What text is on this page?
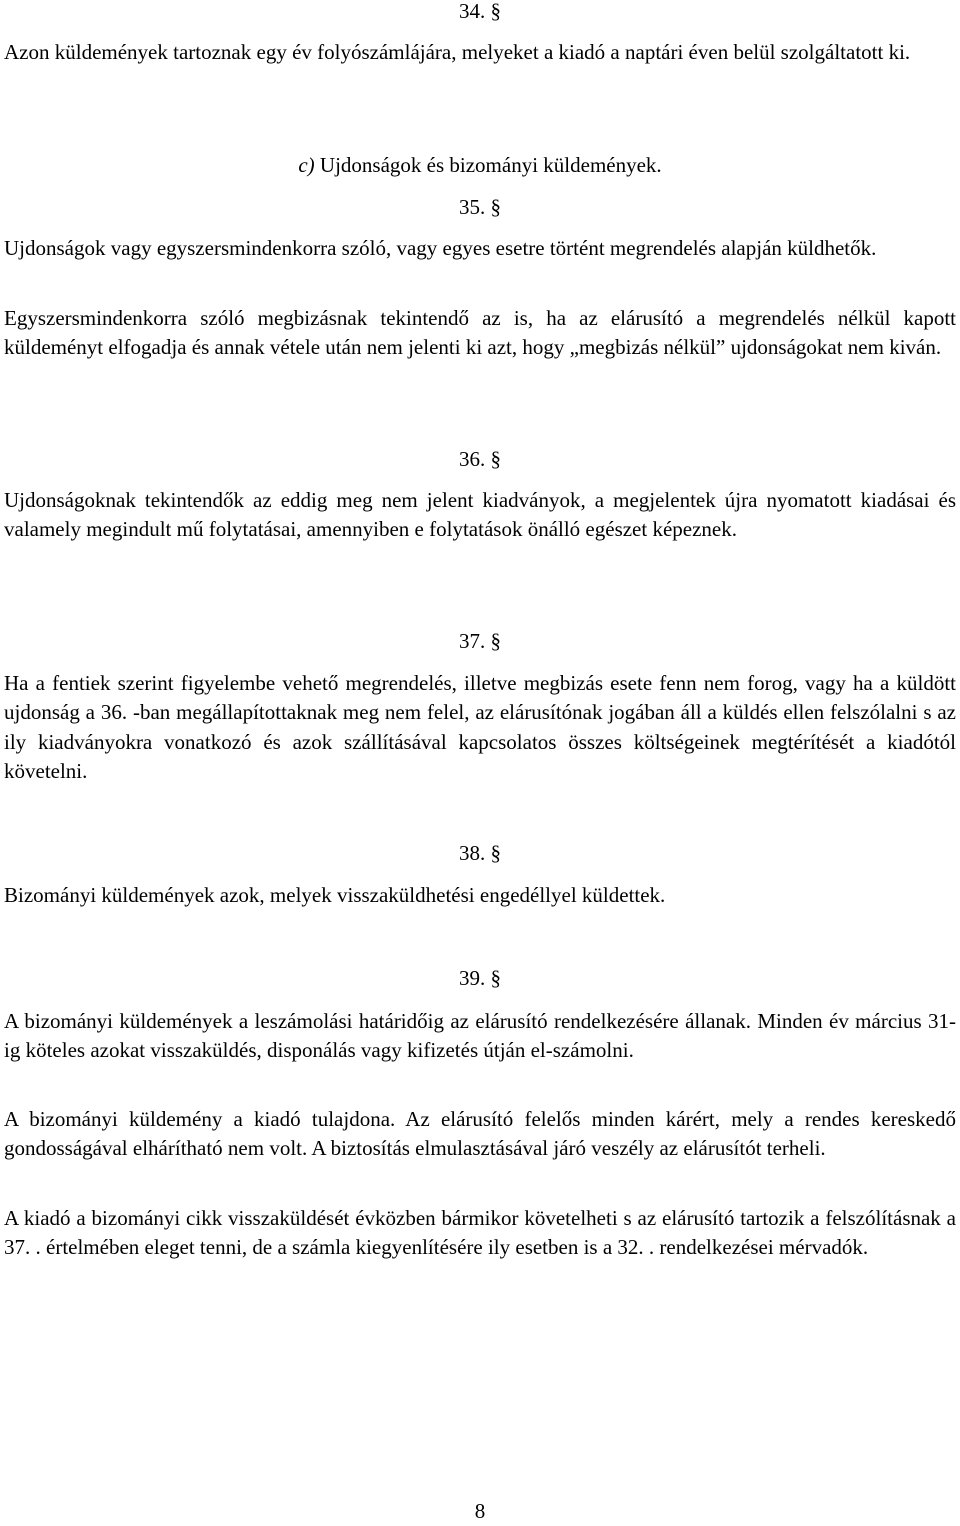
34. §
Azon küldemények tartoznak egy év folyószámlájára, melyeket a kiadó a naptári éven belül szolgáltatott ki.
c) Ujdonságok és bizományi küldemények.
35. §
Ujdonságok vagy egyszersmindenkorra szóló, vagy egyes esetre történt megrendelés alapján küldhetők.
Egyszersmindenkorra szóló megbizásnak tekintendő az is, ha az elárusító a megrendelés nélkül kapott küldeményt elfogadja és annak vétele után nem jelenti ki azt, hogy „megbizás nélkül” ujdonságokat nem kiván.
36. §
Ujdonságoknak tekintendők az eddig meg nem jelent kiadványok, a megjelentek újra nyomatott kiadásai és valamely megindult mű folytatásai, amennyiben e folytatások önálló egészet képeznek.
37. §
Ha a fentiek szerint figyelembe vehető megrendelés, illetve megbizás esete fenn nem forog, vagy ha a küldött ujdonság a 36. -ban megállapítottaknak meg nem felel, az elárusítónak jogában áll a küldés ellen felszólalni s az ily kiadványokra vonatkozó és azok szállításával kapcsolatos összes költségeinek megtérítését a kiadótól követelni.
38. §
Bizományi küldemények azok, melyek visszaküldhetési engedéllyel küldettek.
39. §
A bizományi küldemények a leszámolási határidőig az elárusító rendelkezésére állanak. Minden év március 31-ig köteles azokat visszaküldés, disponálás vagy kifizetés útján el-számolni.
A bizományi küldemény a kiadó tulajdona. Az elárusító felelős minden kárért, mely a rendes kereskedő gondosságával elhárítható nem volt. A biztosítás elmulasztásával járó veszély az elárusítót terheli.
A kiadó a bizományi cikk visszaküldését évközben bármikor követelheti s az elárusító tartozik a felszólításnak a 37. . értelmében eleget tenni, de a számla kiegyenlítésére ily esetben is a 32. . rendelkezései mérvadók.
8
